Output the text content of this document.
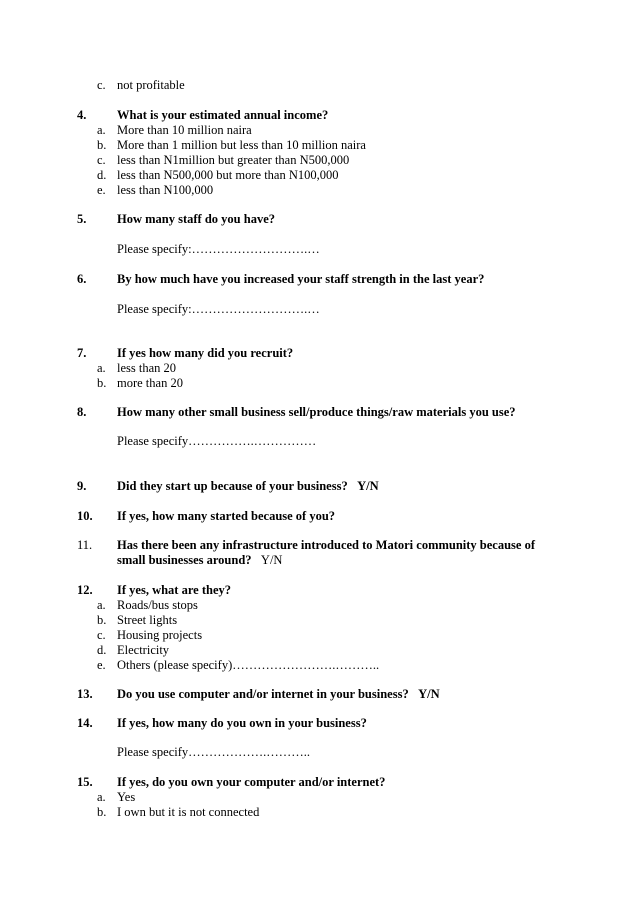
c. not profitable
4. What is your estimated annual income?
a. More than 10 million naira
b. More than 1 million but less than 10 million naira
c. less than N1million but greater than N500,000
d. less than N500,000 but more than N100,000
e. less than N100,000
5. How many staff do you have?
Please specify:……………………….…
6. By how much have you increased your staff strength in the last year?
Please specify:……………………….…
7. If yes how many did you recruit?
a. less than 20
b. more than 20
8. How many other small business sell/produce things/raw materials you use?
Please specify…………….……………
9. Did they start up because of your business? Y/N
10. If yes, how many started because of you?
11. Has there been any infrastructure introduced to Matori community because of
small businesses around? Y/N
12. If yes, what are they?
a. Roads/bus stops
b. Street lights
c. Housing projects
d. Electricity
e. Others (please specify)…………………….………..
13. Do you use computer and/or internet in your business? Y/N
14. If yes, how many do you own in your business?
Please specify……………….………..
15. If yes, do you own your computer and/or internet?
a. Yes
b. I own but it is not connected
